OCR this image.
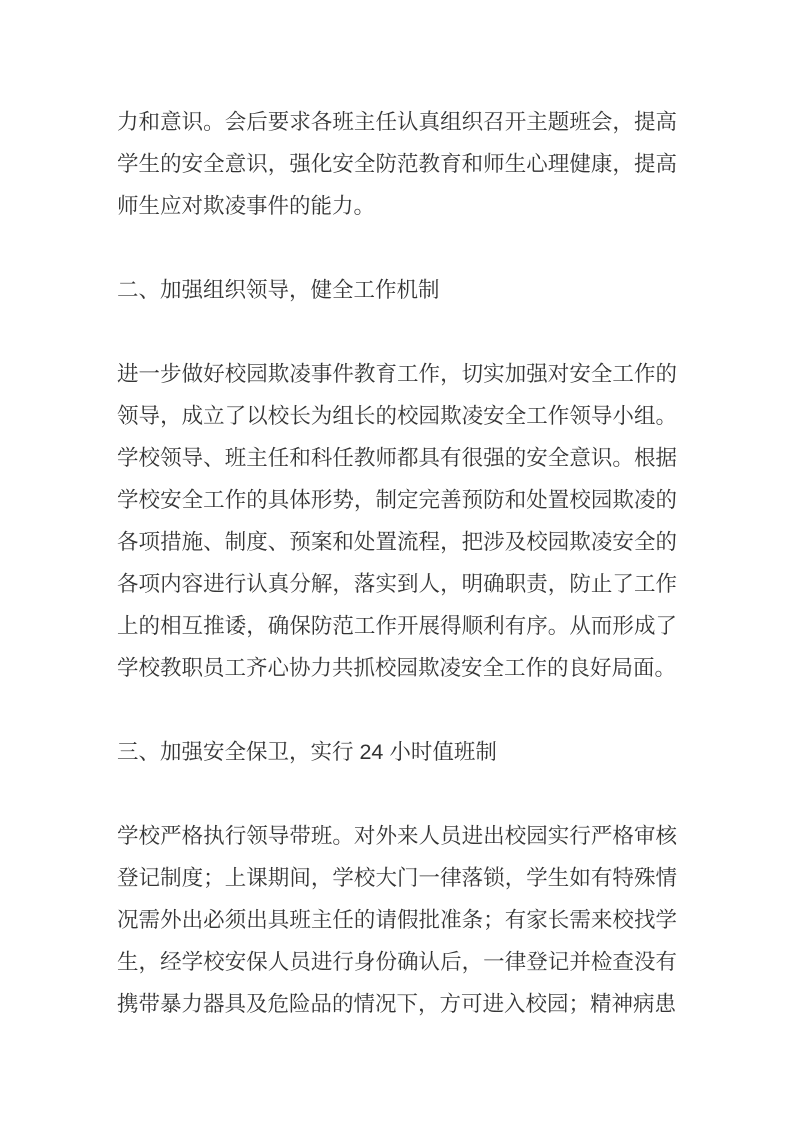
力和意识。会后要求各班主任认真组织召开主题班会，提高学生的安全意识，强化安全防范教育和师生心理健康，提高师生应对欺凌事件的能力。
二、加强组织领导，健全工作机制
进一步做好校园欺凌事件教育工作，切实加强对安全工作的领导，成立了以校长为组长的校园欺凌安全工作领导小组。学校领导、班主任和科任教师都具有很强的安全意识。根据学校安全工作的具体形势，制定完善预防和处置校园欺凌的各项措施、制度、预案和处置流程，把涉及校园欺凌安全的各项内容进行认真分解，落实到人，明确职责，防止了工作上的相互推诿，确保防范工作开展得顺利有序。从而形成了学校教职员工齐心协力共抓校园欺凌安全工作的良好局面。
三、加强安全保卫，实行 24 小时值班制
学校严格执行领导带班。对外来人员进出校园实行严格审核登记制度；上课期间，学校大门一律落锁，学生如有特殊情况需外出必须出具班主任的请假批准条；有家长需来校找学生，经学校安保人员进行身份确认后，一律登记并检查没有携带暴力器具及危险品的情况下，方可进入校园；精神病患
